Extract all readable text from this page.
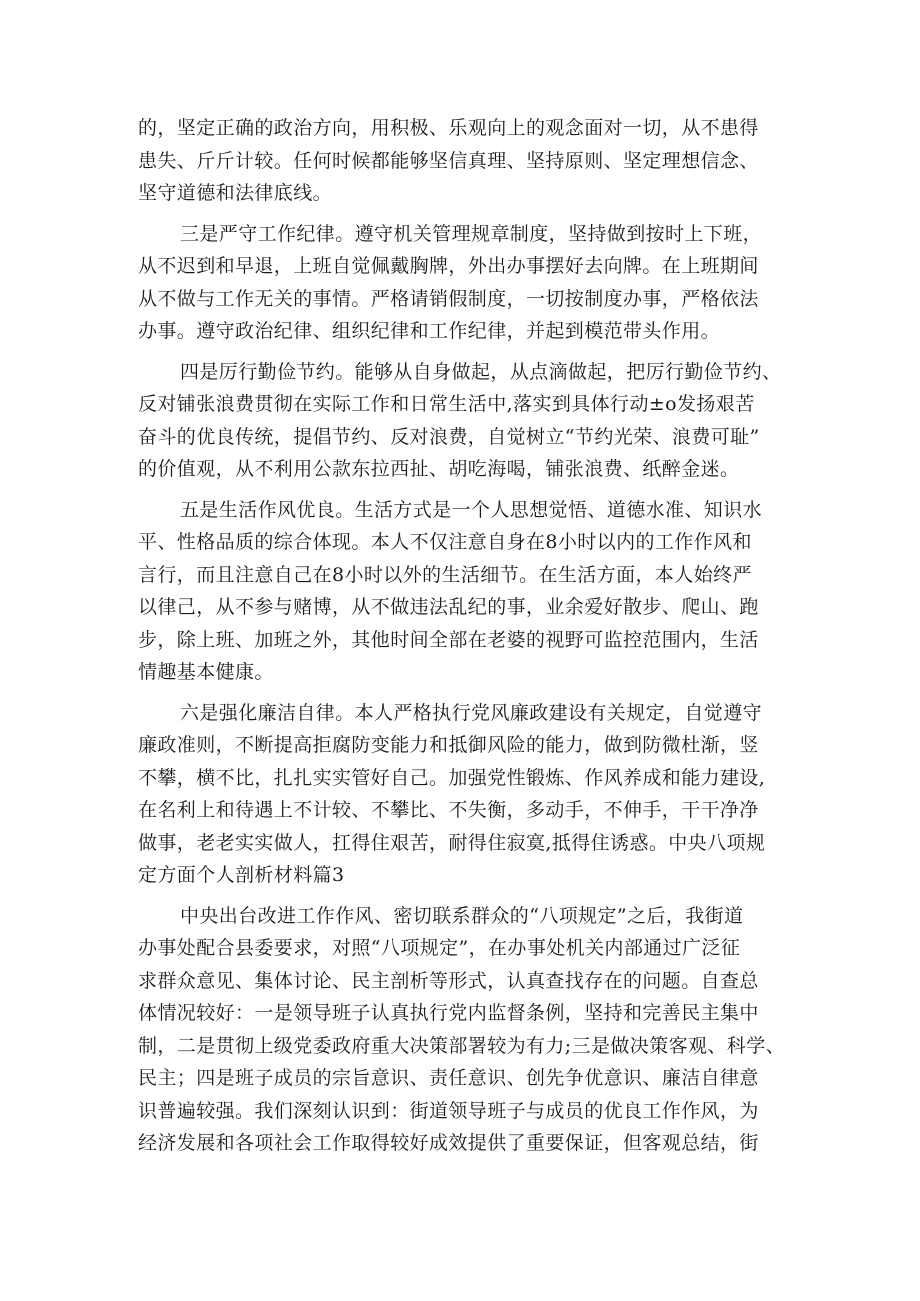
的，坚定正确的政治方向，用积极、乐观向上的观念面对一切，从不患得
患失、斤斤计较。任何时候都能够坚信真理、坚持原则、坚定理想信念、
坚守道德和法律底线。
三是严守工作纪律。遵守机关管理规章制度，坚持做到按时上下班，
从不迟到和早退，上班自觉佩戴胸牌，外出办事摆好去向牌。在上班期间
从不做与工作无关的事情。严格请销假制度，一切按制度办事，严格依法
办事。遵守政治纪律、组织纪律和工作纪律，并起到模范带头作用。
四是厉行勤俭节约。能够从自身做起，从点滴做起，把厉行勤俭节约、
反对铺张浪费贯彻在实际工作和日常生活中,落实到具体行动±o发扬艰苦
奋斗的优良传统，提倡节约、反对浪费，自觉树立“节约光荣、浪费可耻”
的价值观，从不利用公款东拉西扯、胡吃海喝，铺张浪费、纸醉金迷。
五是生活作风优良。生活方式是一个人思想觉悟、道德水准、知识水
平、性格品质的综合体现。本人不仅注意自身在8小时以内的工作作风和
言行，而且注意自己在8小时以外的生活细节。在生活方面，本人始终严
以律己，从不参与赌博，从不做违法乱纪的事，业余爱好散步、爬山、跑
步，除上班、加班之外，其他时间全部在老婆的视野可监控范围内，生活
情趣基本健康。
六是强化廉洁自律。本人严格执行党风廉政建设有关规定，自觉遵守
廉政准则，不断提高拒腐防变能力和抵御风险的能力，做到防微杜渐，竖
不攀，横不比，扎扎实实管好自己。加强党性锻炼、作风养成和能力建设,
在名利上和待遇上不计较、不攀比、不失衡，多动手，不伸手，干干净净
做事，老老实实做人，扛得住艰苦，耐得住寂寞,抵得住诱惑。中央八项规
定方面个人剖析材料篇3
中央出台改进工作作风、密切联系群众的“八项规定”之后，我街道
办事处配合县委要求，对照“八项规定”，在办事处机关内部通过广泛征
求群众意见、集体讨论、民主剖析等形式，认真查找存在的问题。自查总
体情况较好：一是领导班子认真执行党内监督条例，坚持和完善民主集中
制，二是贯彻上级党委政府重大决策部署较为有力;三是做决策客观、科学、
民主；四是班子成员的宗旨意识、责任意识、创先争优意识、廉洁自律意
识普遍较强。我们深刻认识到：街道领导班子与成员的优良工作作风，为
经济发展和各项社会工作取得较好成效提供了重要保证，但客观总结，街
